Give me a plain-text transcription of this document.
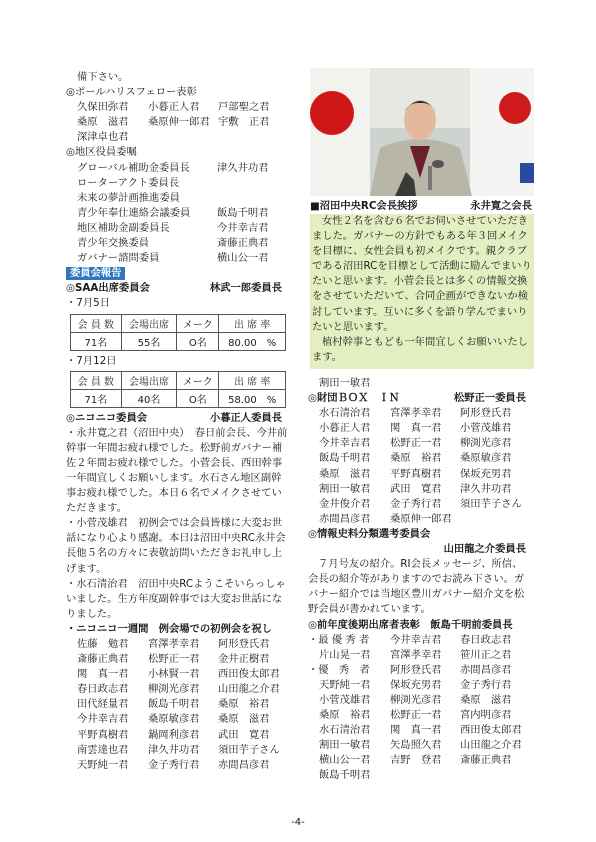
備下さい。
◎ポールハリスフェロー表彰
久保田弥君 小暮正人君 戸部聖之君
桑原　滋君 桑原伸一郎君 宇敷　正君
深津卓也君
◎地区役員委嘱
グローバル補助金委員長	津久井功君
ローターアクト委員長
未来の夢計画推進委員
青少年奉仕連絡会議委員	飯島千明君
地区補助金副委員長	今井幸吉君
青少年交換委員	斎藤正典君
ガバナー諮問委員	横山公一君
委員会報告
◎SAA出席委員会	林武一郎委員長
・7月5日
会 員 数	会場出席	メーク	出 席 率
71名	55名	O名	80.00　%
・7月12日
会 員 数	会場出席	メーク	出 席 率
71名	40名	O名	58.00　%
◎ニコニコ委員会	小暮正人委員長
・永井寛之君（沼田中央）　春日前会長、今井前幹事一年間お疲れ様でした。松野前ガバナー補佐２年間お疲れ様でした。小菅会長、西田幹事一年間宜しくお願いします。水石さん地区副幹事お疲れ様でした。本日６名でメイクさせていただきます。
・小菅茂雄君　初例会では会員皆様に大変お世話になり心より感謝。本日は沼田中央RC永井会長他５名の方々に表敬訪問いただきお礼申し上げます。
・水石清治君　沼田中央RCようこそいらっしゃいました。生方年度副幹事では大変お世話になりました。
・ニコニコ一週間　例会場での初例会を祝し
佐藤　勉君 宮澤孝幸君 阿形登氏君
斎藤正典君 松野正一君 金井正樹君
関　真一君 小林賢一君 西田俊太郎君
春日政志君 柳渕光彦君 山田龍之介君
田代経量君 飯島千明君 桑原　裕君
今井幸吉君 桑原敏彦君 桑原　滋君
平野真樹君 鍋岡利彦君 武田　寛君
南雲達也君 津久井功君 須田芋子さん
天野純一君 金子秀行君 赤間昌彦君
■沼田中央RC会長挨拶	永井寛之会長
女性２名を含む６名でお伺いさせていただきました。ガバナーの方針でもある年３回メイクを目標に、女性会員も初メイクです。親クラブである沼田RCを目標として活動に励んでまいりたいと思います。小菅会長とは多くの情報交換をさせていただいて、合同企画ができないか検討しています。互いに多くを語り学んでまいりたいと思います。
植村幹事ともども一年間宜しくお願いいたします。
割田一敏君
◎財団ＢＯＸ　ＩＮ	松野正一委員長
水石清治君 宮澤孝幸君 阿形登氏君
小暮正人君 関　真一君 小菅茂雄君
今井幸吉君 松野正一君 柳渕光彦君
飯島千明君 桑原　裕君 桑原敏彦君
桑原　滋君 平野真樹君 保坂充男君
割田一敏君 武田　寛君 津久井功君
金井俊介君 金子秀行君 須田芋子さん
赤間昌彦君 桑原伸一郎君
◎情報史料分類選考委員会
山田龍之介委員長
７月号友の紹介。RI会長メッセージ、所信、会長の紹介等がありますのでお読み下さい。ガバナー紹介では当地区豊川ガバナー紹介文を松野会員が書かれています。
◎前年度後期出席者表彰　飯島千明前委員長
・最 優 秀 者 今井幸吉君 春日政志君
片山晃一君 宮澤孝幸君 笹川正之君
・優　秀　者 阿形登氏君 赤間昌彦君
天野純一君 保坂充男君 金子秀行君
小菅茂雄君 柳渕光彦君 桑原　滋君
桑原　裕君 松野正一君 宮内明彦君
水石清治君 関　真一君 西田俊太郎君
割田一敏君 矢島照久君 山田龍之介君
横山公一君 吉野　登君 斎藤正典君
飯島千明君
-4-
